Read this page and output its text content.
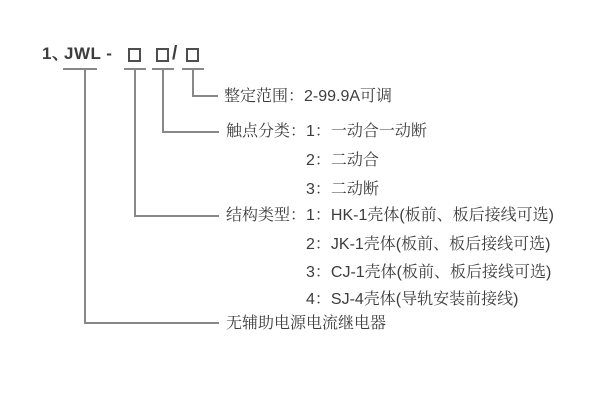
1、
JWL -	/
整定范围：2-99.9A可调
触点分类：1：一动合一动断
2：二动合
3：二动断
结构类型：1：HK-1壳体(板前、板后接线可选)
2：JK-1壳体(板前、板后接线可选)
3：CJ-1壳体(板前、板后接线可选)
4：SJ-4壳体(导轨安装前接线)
无辅助电源电流继电器
